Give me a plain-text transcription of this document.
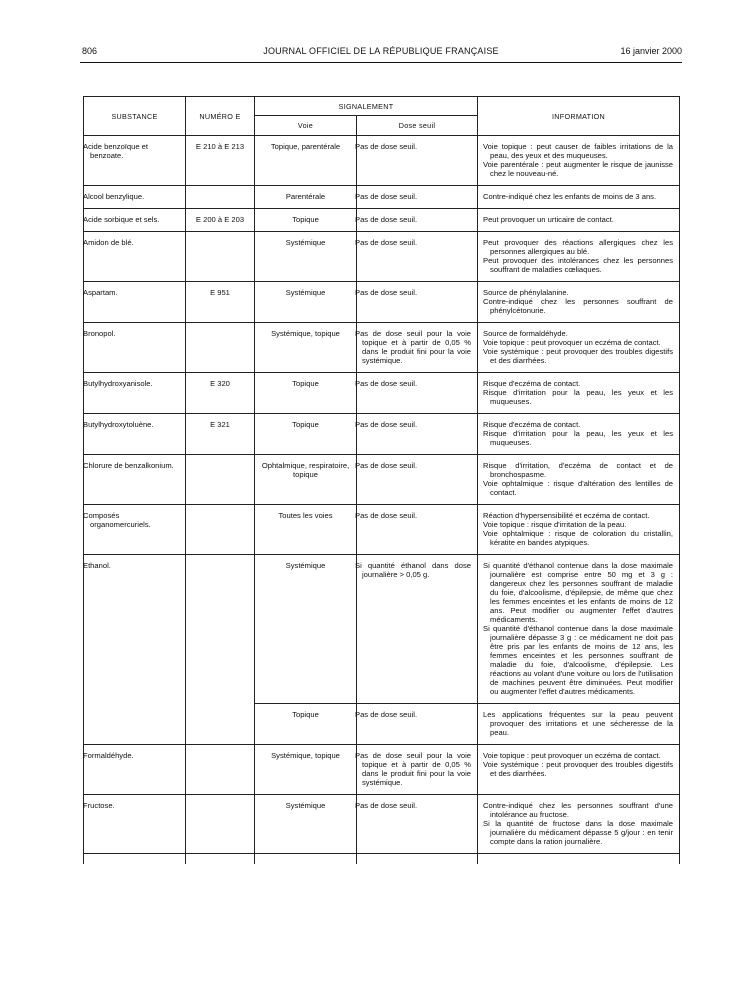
806	JOURNAL OFFICIEL DE LA RÉPUBLIQUE FRANÇAISE	16 janvier 2000
SUBSTANCE	NUMÉRO E	SIGNALEMENT		INFORMATION
		Voie	Dose seuil	

Acide benzoïque et benzoate.	E 210 à E 213	Topique, parentérale	Pas de dose seuil.	Voie topique : peut causer de faibles irritations de la peau, des yeux et des muqueuses.
Voie parentérale : peut augmenter le risque de jaunisse chez le nouveau-né.

Alcool benzylique.		Parentérale	Pas de dose seuil.	Contre-indiqué chez les enfants de moins de 3 ans.

Acide sorbique et sels.	E 200 à E 203	Topique	Pas de dose seuil.	Peut provoquer un urticaire de contact.

Amidon de blé.		Systémique	Pas de dose seuil.	Peut provoquer des réactions allergiques chez les personnes allergiques au blé.
Peut provoquer des intolérances chez les personnes souffrant de maladies cœliaques.

Aspartam.	E 951	Systémique	Pas de dose seuil.	Source de phénylalanine.
Contre-indiqué chez les personnes souffrant de phénylcétonurie.

Bronopol.		Systémique, topique	Pas de dose seuil pour la voie topique et à partir de 0,05 % dans le produit fini pour la voie systémique.	Source de formaldéhyde.
Voie topique : peut provoquer un eczéma de contact.
Voie systémique : peut provoquer des troubles digestifs et des diarrhées.

Butylhydroxyanisole.	E 320	Topique	Pas de dose seuil.	Risque d'eczéma de contact.
Risque d'irritation pour la peau, les yeux et les muqueuses.

Butylhydroxytoluène.	E 321	Topique	Pas de dose seuil.	Risque d'eczéma de contact.
Risque d'irritation pour la peau, les yeux et les muqueuses.

Chlorure de benzalkonium.		Ophtalmique, respiratoire, topique	Pas de dose seuil.	Risque d'irritation, d'eczéma de contact et de bronchospasme.
Voie ophtalmique : risque d'altération des lentilles de contact.

Composés organomercuriels.		Toutes les voies	Pas de dose seuil.	Réaction d'hypersensibilité et eczéma de contact.
Voie topique : risque d'irritation de la peau.
Voie ophtalmique : risque de coloration du cristallin, kératite en bandes atypiques.

Ethanol.		Systémique	Si quantité éthanol dans dose journalière > 0,05 g.	Si quantité d'éthanol contenue dans la dose maximale journalière est comprise entre 50 mg et 3 g : dangereux chez les personnes souffrant de maladie du foie, d'alcoolisme, d'épilepsie, de même que chez les femmes enceintes et les enfants de moins de 12 ans. Peut modifier ou augmenter l'effet d'autres médicaments.
Si quantité d'éthanol contenue dans la dose maximale journalière dépasse 3 g : ce médicament ne doit pas être pris par les enfants de moins de 12 ans, les femmes enceintes et les personnes souffrant de maladie du foie, d'alcoolisme, d'épilepsie. Les réactions au volant d'une voiture ou lors de l'utilisation de machines peuvent être diminuées. Peut modifier ou augmenter l'effet d'autres médicaments.

		Topique	Pas de dose seuil.	Les applications fréquentes sur la peau peuvent provoquer des irritations et une sécheresse de la peau.

Formaldéhyde.		Systémique, topique	Pas de dose seuil pour la voie topique et à partir de 0,05 % dans le produit fini pour la voie systémique.	Voie topique : peut provoquer un eczéma de contact.
Voie systémique : peut provoquer des troubles digestifs et des diarrhées.

Fructose.		Systémique	Pas de dose seuil.	Contre-indiqué chez les personnes souffrant d'une intolérance au fructose.
Si la quantité de fructose dans la dose maximale journalière du médicament dépasse 5 g/jour : en tenir compte dans la ration journalière.
